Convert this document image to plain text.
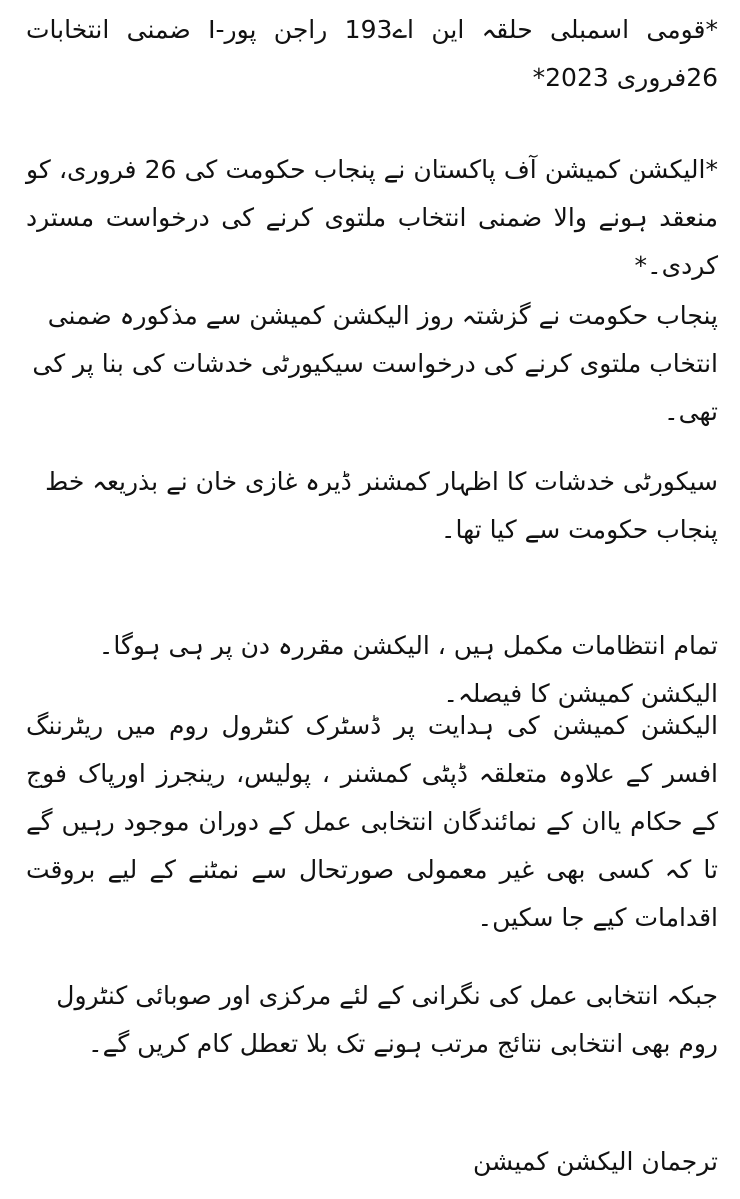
*قومی اسمبلی حلقہ این اے193 راجن پور-I ضمنی انتخابات 26فروری 2023*

*الیکشن کمیشن آف پاکستان نے پنجاب حکومت کی 26 فروری، کو منعقد ہونے والا ضمنی انتخاب ملتوی کرنے کی درخواست مسترد کردی۔*

پنجاب حکومت نے گزشتہ روز الیکشن کمیشن سے مذکورہ ضمنی انتخاب ملتوی کرنے کی درخواست سیکیورٹی خدشات کی بنا پر کی تھی۔

سیکورٹی خدشات کا اظہار کمشنر ڈیرہ غازی خان نے بذریعہ خط پنجاب حکومت سے کیا تھا۔

تمام انتظامات مکمل ہیں ، الیکشن مقررہ دن پر ہی ہوگا۔ الیکشن کمیشن کا فیصلہ۔

الیکشن کمیشن کی ہدایت پر ڈسٹرک کنٹرول روم میں ریٹرننگ افسر کے علاوہ متعلقہ ڈپٹی کمشنر ، پولیس، رینجرز اورپاک فوج کے حکام یاان کے نمائندگان انتخابی عمل کے دوران موجود رہیں گے تا کہ کسی بھی غیر معمولی صورتحال سے نمٹنے کے لیے بروقت اقدامات کیے جا سکیں۔

جبکہ انتخابی عمل کی نگرانی کے لئے مرکزی اور صوبائی کنٹرول روم بھی انتخابی نتائج مرتب ہونے تک بلا تعطل کام کریں گے۔

ترجمان الیکشن کمیشن
